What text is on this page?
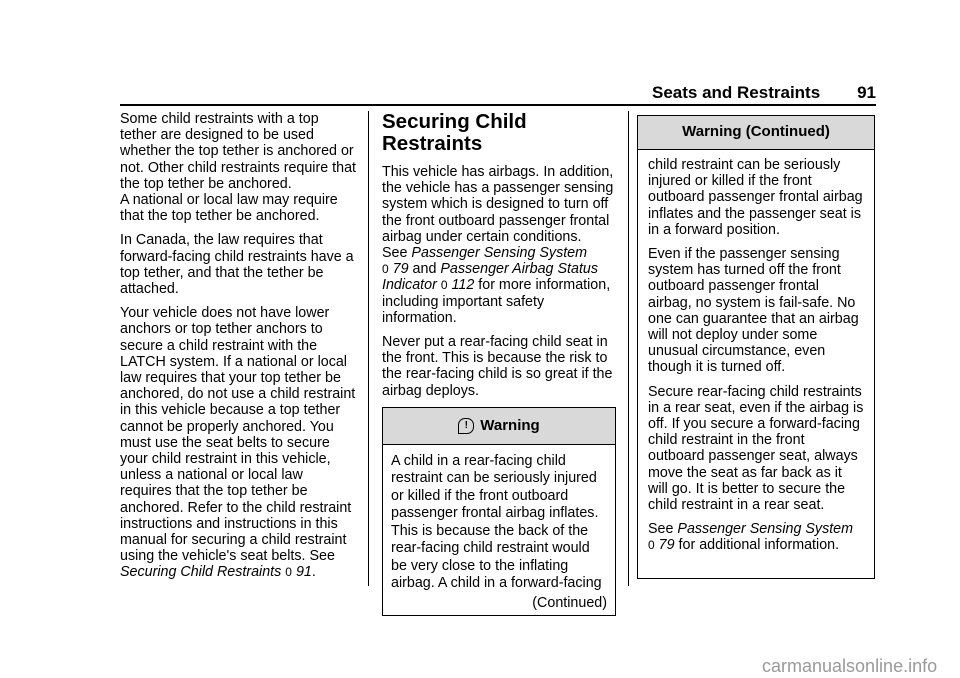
Seats and Restraints 91

Some child restraints with a top tether are designed to be used whether the top tether is anchored or not. Other child restraints require that the top tether be anchored.
A national or local law may require that the top tether be anchored.

In Canada, the law requires that forward-facing child restraints have a top tether, and that the tether be attached.

Your vehicle does not have lower anchors or top tether anchors to secure a child restraint with the LATCH system. If a national or local law requires that your top tether be anchored, do not use a child restraint in this vehicle because a top tether cannot be properly anchored. You must use the seat belts to secure your child restraint in this vehicle, unless a national or local law requires that the top tether be anchored. Refer to the child restraint instructions and instructions in this manual for securing a child restraint using the vehicle's seat belts. See Securing Child Restraints 0 91.

Securing Child Restraints

This vehicle has airbags. In addition, the vehicle has a passenger sensing system which is designed to turn off the front outboard passenger frontal airbag under certain conditions.
See Passenger Sensing System
0 79 and Passenger Airbag Status Indicator 0 112 for more information, including important safety information.

Never put a rear-facing child seat in the front. This is because the risk to the rear-facing child is so great if the airbag deploys.

! Warning

A child in a rear-facing child restraint can be seriously injured or killed if the front outboard passenger frontal airbag inflates. This is because the back of the rear-facing child restraint would be very close to the inflating airbag. A child in a forward-facing

(Continued)
Warning (Continued)

child restraint can be seriously injured or killed if the front outboard passenger frontal airbag inflates and the passenger seat is in a forward position.

Even if the passenger sensing system has turned off the front outboard passenger frontal airbag, no system is fail-safe. No one can guarantee that an airbag will not deploy under some unusual circumstance, even though it is turned off.

Secure rear-facing child restraints in a rear seat, even if the airbag is off. If you secure a forward-facing child restraint in the front outboard passenger seat, always move the seat as far back as it will go. It is better to secure the child restraint in a rear seat.

See Passenger Sensing System
0 79 for additional information.

carmanualsonline.info
